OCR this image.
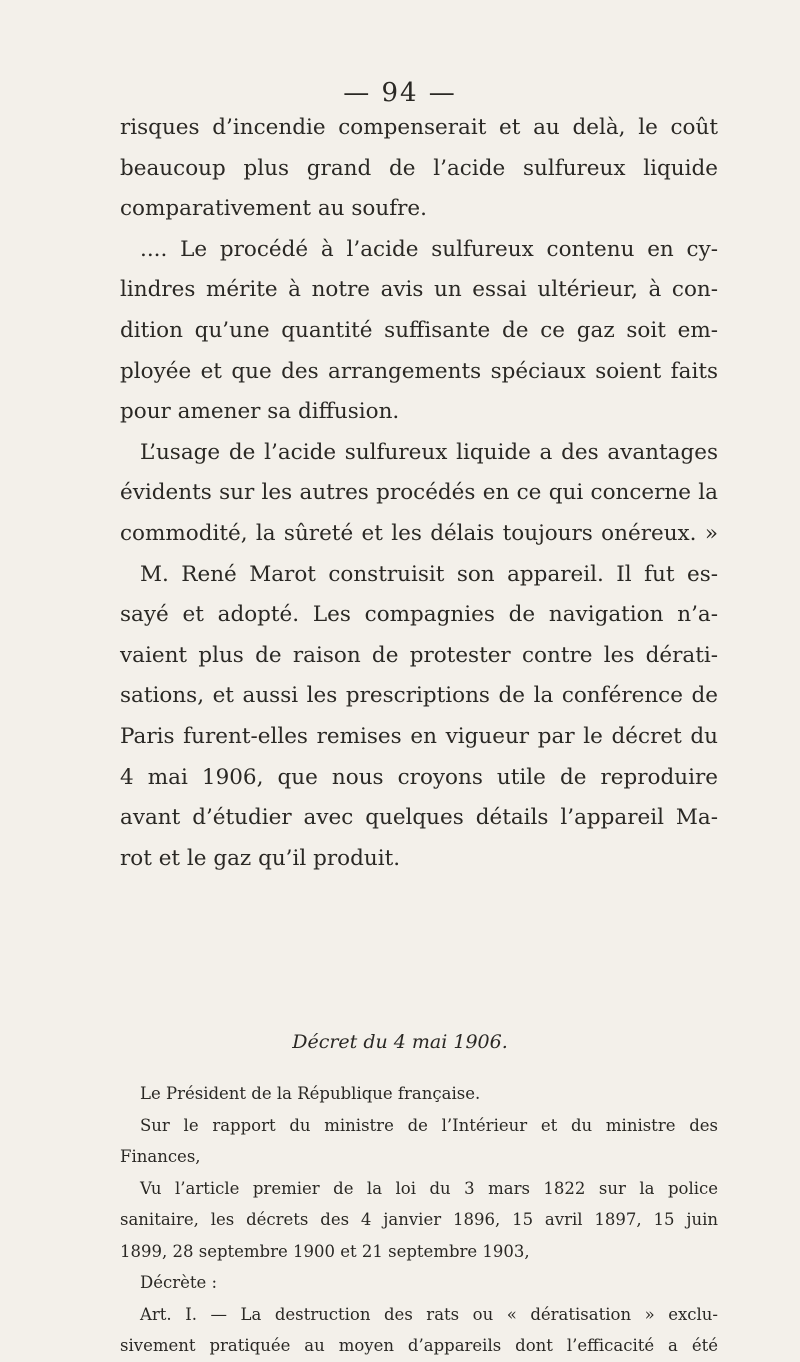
— 94 —
risques d’incendie compenserait et au delà, le coût
beaucoup plus grand de l’acide sulfureux liquide
comparativement au soufre.
.... Le procédé à l’acide sulfureux contenu en cy-
lindres mérite à notre avis un essai ultérieur, à con-
dition qu’une quantité suffisante de ce gaz soit em-
ployée et que des arrangements spéciaux soient faits
pour amener sa diffusion.
L’usage de l’acide sulfureux liquide a des avantages
évidents sur les autres procédés en ce qui concerne la
commodité, la sûreté et les délais toujours onéreux. »
M. René Marot construisit son appareil. Il fut es-
sayé et adopté. Les compagnies de navigation n’a-
vaient plus de raison de protester contre les dérati-
sations, et aussi les prescriptions de la conférence de
Paris furent-elles remises en vigueur par le décret du
4 mai 1906, que nous croyons utile de reproduire
avant d’étudier avec quelques détails l’appareil Ma-
rot et le gaz qu’il produit.
Décret du 4 mai 1906.
Le Président de la République française.
Sur le rapport du ministre de l’Intérieur et du ministre des
Finances,
Vu l’article premier de la loi du 3 mars 1822 sur la police
sanitaire, les décrets des 4 janvier 1896, 15 avril 1897, 15 juin
1899, 28 septembre 1900 et 21 septembre 1903,
Décrète :
Art. I. — La destruction des rats ou « dératisation » exclu-
sivement pratiquée au moyen d’appareils dont l’efficacité a été
